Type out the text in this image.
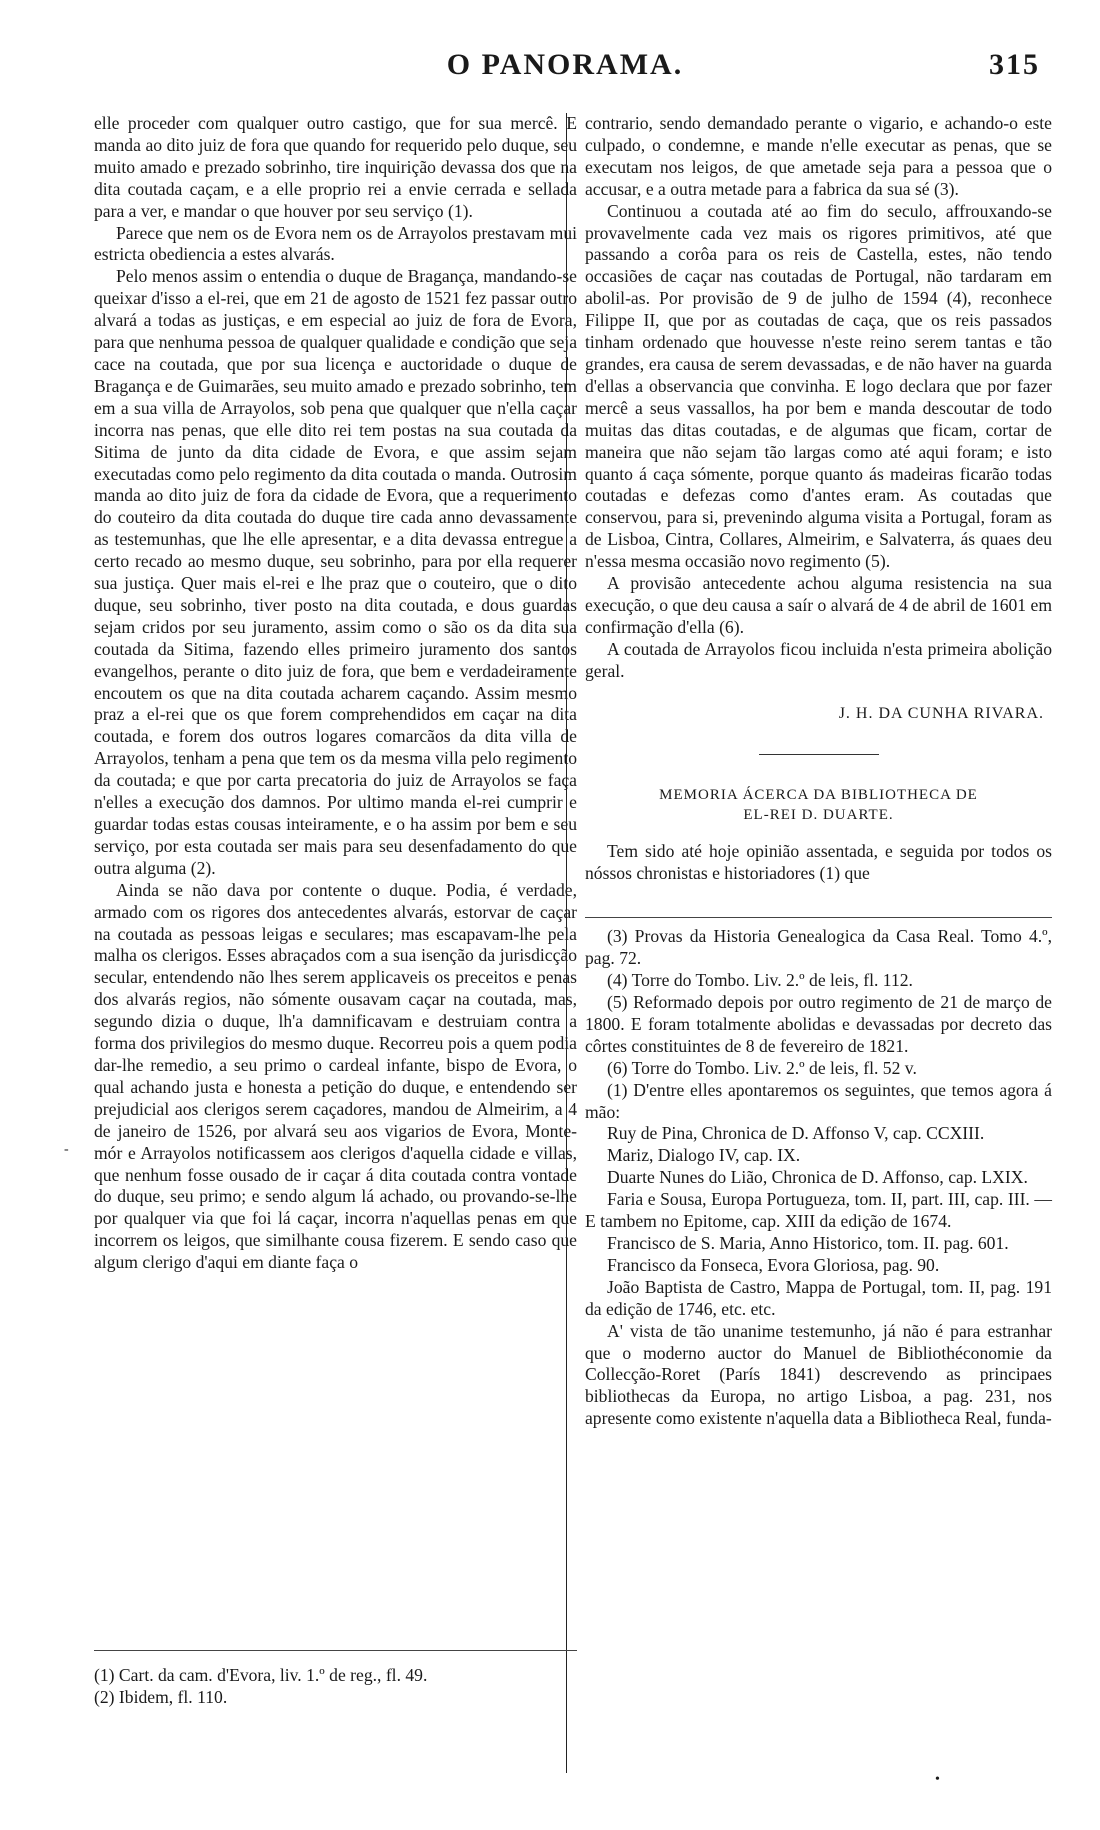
O PANORAMA.	315
-

elle proceder com qualquer outro castigo, que for sua mercê. E manda ao dito juiz de fora que quando for requerido pelo duque, seu muito amado e prezado sobrinho, tire inquirição devassa dos que na dita coutada caçam, e a elle proprio rei a envie cerrada e sellada para a ver, e mandar o que houver por seu serviço (1).

Parece que nem os de Evora nem os de Arrayolos prestavam mui estricta obediencia a estes alvarás.

Pelo menos assim o entendia o duque de Bragança, mandando-se queixar d'isso a el-rei, que em 21 de agosto de 1521 fez passar outro alvará a todas as justiças, e em especial ao juiz de fora de Evora, para que nenhuma pessoa de qualquer qualidade e condição que seja cace na coutada, que por sua licença e auctoridade o duque de Bragança e de Guimarães, seu muito amado e prezado sobrinho, tem em a sua villa de Arrayolos, sob pena que qualquer que n'ella caçar incorra nas penas, que elle dito rei tem postas na sua coutada da Sitima de junto da dita cidade de Evora, e que assim sejam executadas como pelo regimento da dita coutada o manda. Outrosim manda ao dito juiz de fora da cidade de Evora, que a requerimento do couteiro da dita coutada do duque tire cada anno devassamente as testemunhas, que lhe elle apresentar, e a dita devassa entregue a certo recado ao mesmo duque, seu sobrinho, para por ella requerer sua justiça. Quer mais el-rei e lhe praz que o couteiro, que o dito duque, seu sobrinho, tiver posto na dita coutada, e dous guardas sejam cridos por seu juramento, assim como o são os da dita sua coutada da Sitima, fazendo elles primeiro juramento dos santos evangelhos, perante o dito juiz de fora, que bem e verdadeiramente encoutem os que na dita coutada acharem caçando. Assim mesmo praz a el-rei que os que forem comprehendidos em caçar na dita coutada, e forem dos outros logares comarcãos da dita villa de Arrayolos, tenham a pena que tem os da mesma villa pelo regimento da coutada; e que por carta precatoria do juiz de Arrayolos se faça n'elles a execução dos damnos. Por ultimo manda el-rei cumprir e guardar todas estas cousas inteiramente, e o ha assim por bem e seu serviço, por esta coutada ser mais para seu desenfadamento do que outra alguma (2).

Ainda se não dava por contente o duque. Podia, é verdade, armado com os rigores dos antecedentes alvarás, estorvar de caçar na coutada as pessoas leigas e seculares; mas escapavam-lhe pela malha os clerigos. Esses abraçados com a sua isenção da jurisdicção secular, entendendo não lhes serem applicaveis os preceitos e penas dos alvarás regios, não sómente ousavam caçar na coutada, mas, segundo dizia o duque, lh'a damnificavam e destruiam contra a forma dos privilegios do mesmo duque. Recorreu pois a quem podia dar-lhe remedio, a seu primo o cardeal infante, bispo de Evora, o qual achando justa e honesta a petição do duque, e entendendo ser prejudicial aos clerigos serem caçadores, mandou de Almeirim, a 4 de janeiro de 1526, por alvará seu aos vigarios de Evora, Monte-mór e Arrayolos notificassem aos clerigos d'aquella cidade e villas, que nenhum fosse ousado de ir caçar á dita coutada contra vontade do duque, seu primo; e sendo algum lá achado, ou provando-se-lhe por qualquer via que foi lá caçar, incorra n'aquellas penas em que incorrem os leigos, que similhante cousa fizerem. E sendo caso que algum clerigo d'aqui em diante faça o

(1) Cart. da cam. d'Evora, liv. 1.º de reg., fl. 49.
(2) Ibidem, fl. 110.

contrario, sendo demandado perante o vigario, e achando-o este culpado, o condemne, e mande n'elle executar as penas, que se executam nos leigos, de que ametade seja para a pessoa que o accusar, e a outra metade para a fabrica da sua sé (3).

Continuou a coutada até ao fim do seculo, affrouxando-se provavelmente cada vez mais os rigores primitivos, até que passando a corôa para os reis de Castella, estes, não tendo occasiões de caçar nas coutadas de Portugal, não tardaram em abolil-as. Por provisão de 9 de julho de 1594 (4), reconhece Filippe II, que por as coutadas de caça, que os reis passados tinham ordenado que houvesse n'este reino serem tantas e tão grandes, era causa de serem devassadas, e de não haver na guarda d'ellas a observancia que convinha. E logo declara que por fazer mercê a seus vassallos, ha por bem e manda descoutar de todo muitas das ditas coutadas, e de algumas que ficam, cortar de maneira que não sejam tão largas como até aqui foram; e isto quanto á caça sómente, porque quanto ás madeiras ficarão todas coutadas e defezas como d'antes eram. As coutadas que conservou, para si, prevenindo alguma visita a Portugal, foram as de Lisboa, Cintra, Collares, Almeirim, e Salvaterra, ás quaes deu n'essa mesma occasião novo regimento (5).

A provisão antecedente achou alguma resistencia na sua execução, o que deu causa a saír o alvará de 4 de abril de 1601 em confirmação d'ella (6).

A coutada de Arrayolos ficou incluida n'esta primeira abolição geral.

J. H. DA CUNHA RIVARA.
MEMORIA ÁCERCA DA BIBLIOTHECA DE
EL-REI D. DUARTE.

Tem sido até hoje opinião assentada, e seguida por todos os nóssos chronistas e historiadores (1) que

(3) Provas da Historia Genealogica da Casa Real. Tomo 4.º, pag. 72.

(4) Torre do Tombo. Liv. 2.º de leis, fl. 112.

(5) Reformado depois por outro regimento de 21 de março de 1800. E foram totalmente abolidas e devassadas por decreto das côrtes constituintes de 8 de fevereiro de 1821.

(6) Torre do Tombo. Liv. 2.º de leis, fl. 52 v.

(1) D'entre elles apontaremos os seguintes, que temos agora á mão:

Ruy de Pina, Chronica de D. Affonso V, cap. CCXIII.

Mariz, Dialogo IV, cap. IX.

Duarte Nunes do Lião, Chronica de D. Affonso, cap. LXIX.

Faria e Sousa, Europa Portugueza, tom. II, part. III, cap. III. — E tambem no Epitome, cap. XIII da edição de 1674.

Francisco de S. Maria, Anno Historico, tom. II. pag. 601.

Francisco da Fonseca, Evora Gloriosa, pag. 90.

João Baptista de Castro, Mappa de Portugal, tom. II, pag. 191 da edição de 1746, etc. etc.

A' vista de tão unanime testemunho, já não é para estranhar que o moderno auctor do Manuel de Bibliothéconomie da Collecção-Roret (París 1841) descrevendo as principaes bibliothecas da Europa, no artigo Lisboa, a pag. 231, nos apresente como existente n'aquella data a Bibliotheca Real, funda-

•
